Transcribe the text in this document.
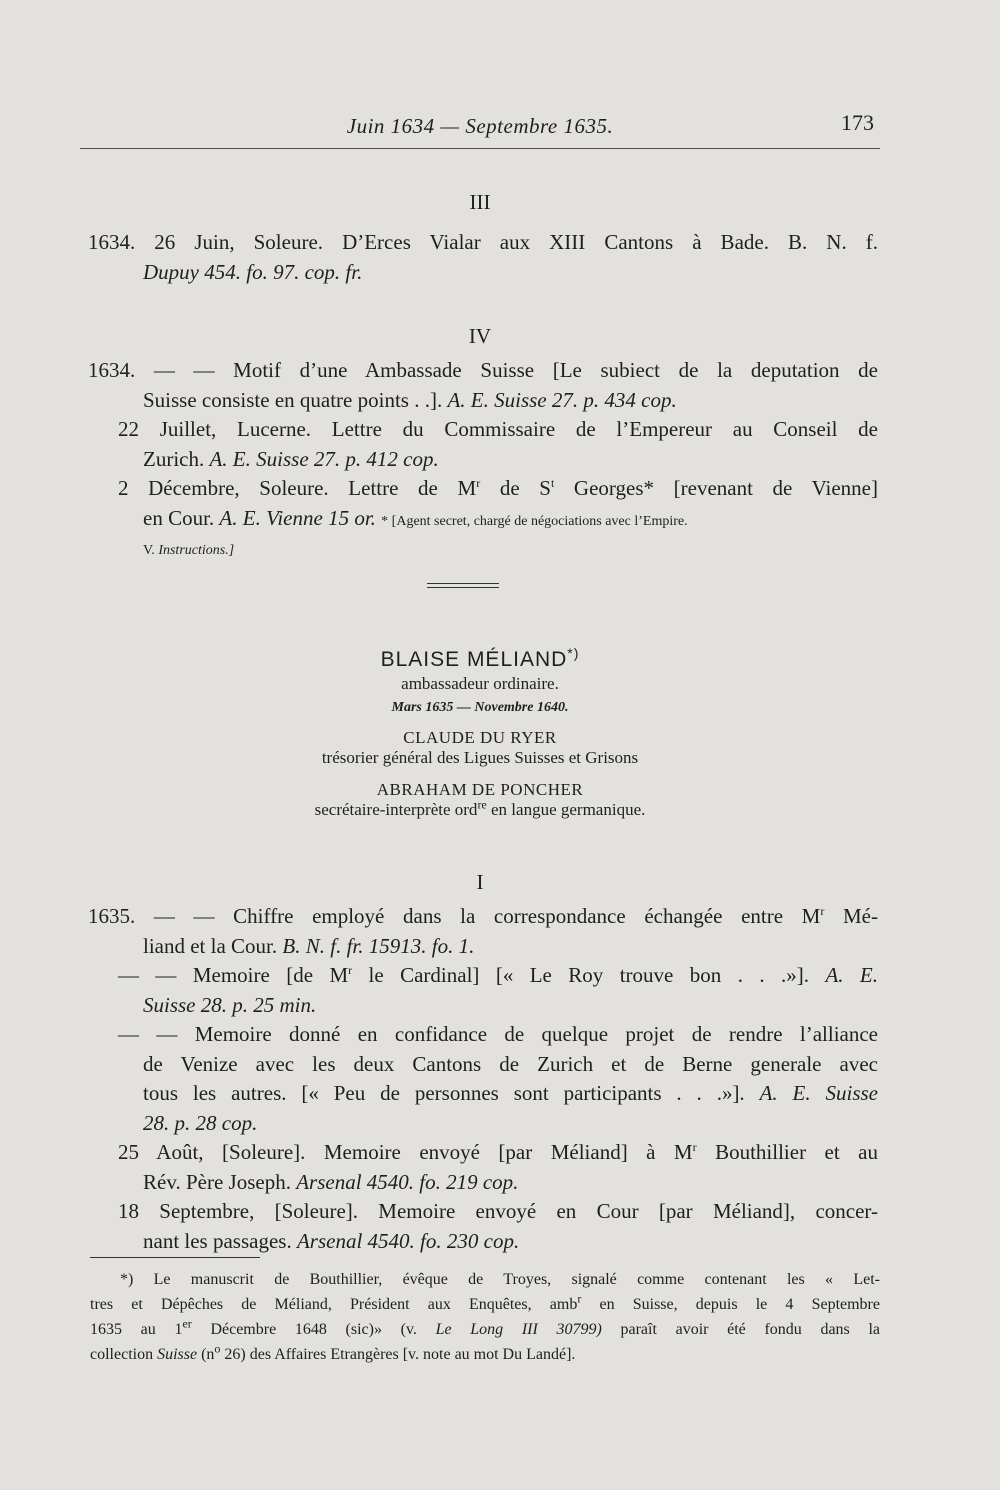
Juin 1634 — Septembre 1635.	173
III
1634. 26 Juin, Soleure. D’Erces Vialar aux XIII Cantons à Bade. B. N. f.
Dupuy 454. fo. 97. cop. fr.
IV
1634. — — Motif d’une Ambassade Suisse [Le subiect de la deputation de
Suisse consiste en quatre points . .]. A. E. Suisse 27. p. 434 cop.
22 Juillet, Lucerne. Lettre du Commissaire de l’Empereur au Conseil de
Zurich. A. E. Suisse 27. p. 412 cop.
2 Décembre, Soleure. Lettre de $M^r$ de $S^t$ Georges* [revenant de Vienne]
en Cour. A. E. Vienne 15 or. * [Agent secret, chargé de négociations avec l’Empire.
V. Instructions.]
BLAISE MÉLIAND*)
ambassadeur ordinaire.
Mars 1635 — Novembre 1640.
CLAUDE DU RYER
trésorier général des Ligues Suisses et Grisons
ABRAHAM DE PONCHER
secrétaire-interprète ord$^{re}$ en langue germanique.
I
1635. — — Chiffre employé dans la correspondance échangée entre $M^r$ Mé-
liand et la Cour. B. N. f. fr. 15913. fo. 1.
— — Memoire [de $M^r$ le Cardinal] [« Le Roy trouve bon . . .»]. A. E.
Suisse 28. p. 25 min.
— — Memoire donné en confidance de quelque projet de rendre l’alliance
de Venize avec les deux Cantons de Zurich et de Berne generale avec
tous les autres. [« Peu de personnes sont participants . . .»]. A. E. Suisse
28. p. 28 cop.
25 Août, [Soleure]. Memoire envoyé [par Méliand] à $M^r$ Bouthillier et au
Rév. Père Joseph. Arsenal 4540. fo. 219 cop.
18 Septembre, [Soleure]. Memoire envoyé en Cour [par Méliand], concer-
nant les passages. Arsenal 4540. fo. 230 cop.
*) Le manuscrit de Bouthillier, évêque de Troyes, signalé comme contenant les « Let-
tres et Dépêches de Méliand, Président aux Enquêtes, amb$^r$ en Suisse, depuis le 4 Septembre
1635 au 1er Décembre 1648 (sic)» (v. Le Long III 30799) paraît avoir été fondu dans la
collection Suisse ($n^o$ 26) des Affaires Etrangères [v. note au mot Du Landé].
